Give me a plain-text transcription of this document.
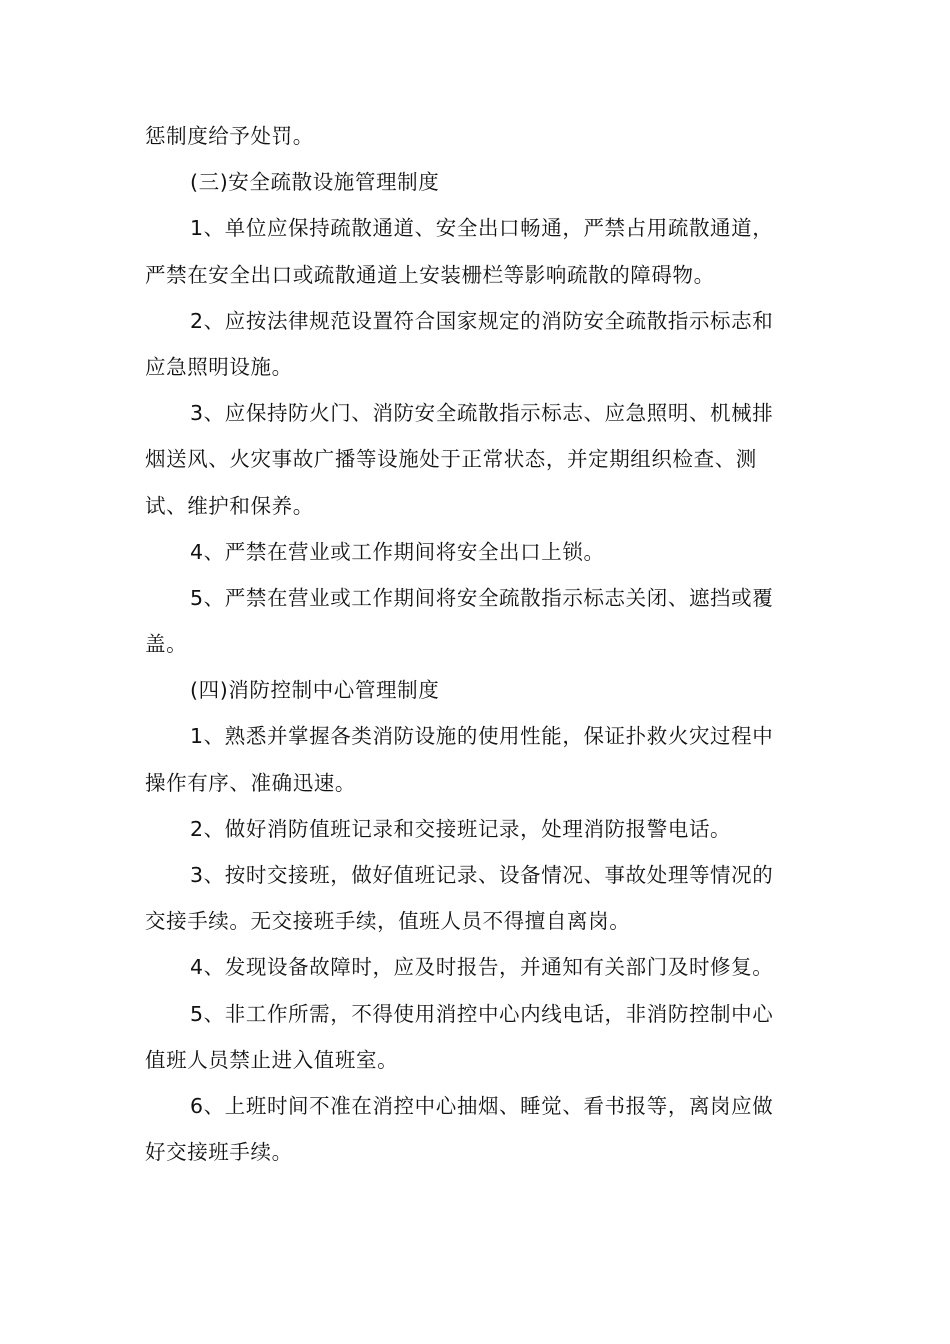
惩制度给予处罚。

(三)安全疏散设施管理制度

1、单位应保持疏散通道、安全出口畅通，严禁占用疏散通道，

严禁在安全出口或疏散通道上安装栅栏等影响疏散的障碍物。

2、应按法律规范设置符合国家规定的消防安全疏散指示标志和

应急照明设施。

3、应保持防火门、消防安全疏散指示标志、应急照明、机械排

烟送风、火灾事故广播等设施处于正常状态，并定期组织检查、测

试、维护和保养。

4、严禁在营业或工作期间将安全出口上锁。

5、严禁在营业或工作期间将安全疏散指示标志关闭、遮挡或覆

盖。

(四)消防控制中心管理制度

1、熟悉并掌握各类消防设施的使用性能，保证扑救火灾过程中

操作有序、准确迅速。

2、做好消防值班记录和交接班记录，处理消防报警电话。

3、按时交接班，做好值班记录、设备情况、事故处理等情况的

交接手续。无交接班手续，值班人员不得擅自离岗。

4、发现设备故障时，应及时报告，并通知有关部门及时修复。

5、非工作所需，不得使用消控中心内线电话，非消防控制中心

值班人员禁止进入值班室。

6、上班时间不准在消控中心抽烟、睡觉、看书报等，离岗应做

好交接班手续。
